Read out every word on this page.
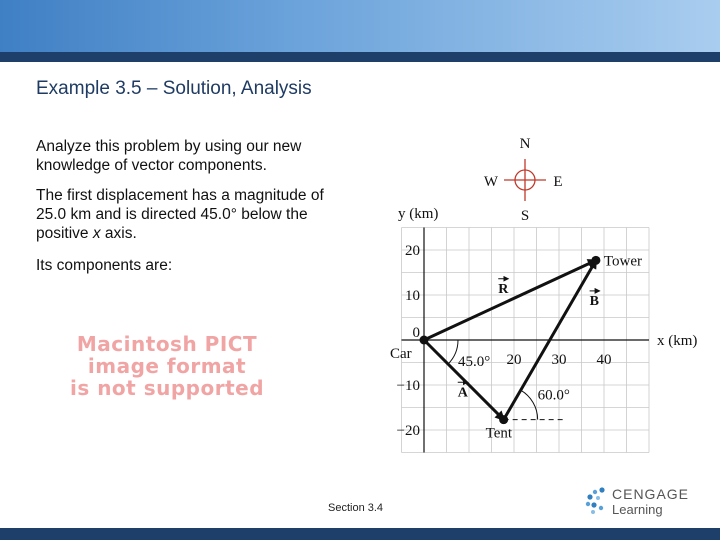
Example 3.5 – Solution, Analysis
Analyze this problem by using our new knowledge of vector components.
The first displacement has a magnitude of 25.0 km and is directed 45.0° below the positive x axis.
Its components are:
Macintosh PICT
image format
is not supported
N
S
E
W
x (km)
y (km)
20
10
−10
−20
0
20 30 40
Car
Tent
Tower
A
B
R
45.0°
60.0°
Section 3.4
CENGAGE
Learning
